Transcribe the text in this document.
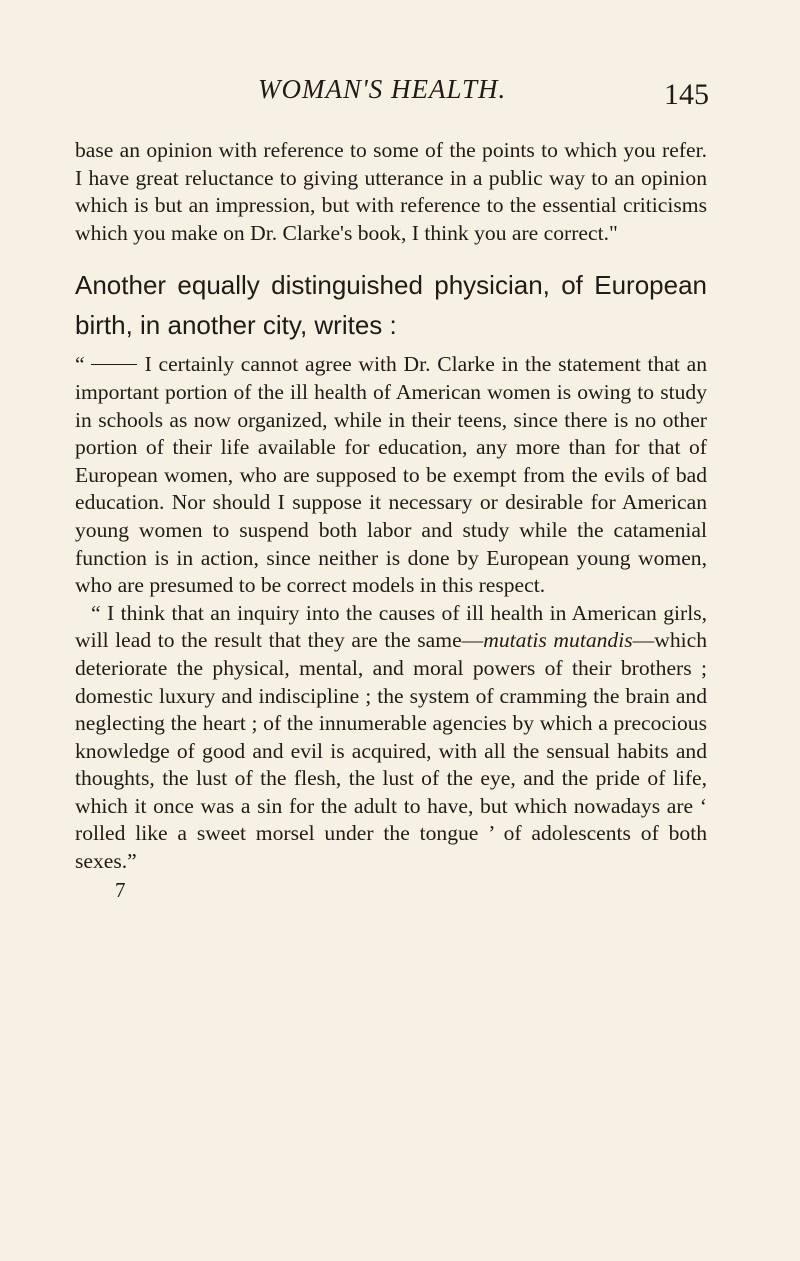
WOMAN'S HEALTH.	145

base an opinion with reference to some of the points to which you refer. I have great reluctance to giving utterance in a public way to an opinion which is but an impression, but with reference to the essential criticisms which you make on Dr. Clarke's book, I think you are correct."

Another equally distinguished physician, of European birth, in another city, writes :

“	I certainly cannot agree with Dr. Clarke in the statement that an important portion of the ill health of American women is owing to study in schools as now organized, while in their teens, since there is no other portion of their life available for education, any more than for that of European women, who are supposed to be exempt from the evils of bad education. Nor should I suppose it necessary or desirable for American young women to suspend both labor and study while the catamenial function is in action, since neither is done by European young women, who are presumed to be correct models in this respect.

“ I think that an inquiry into the causes of ill health in American girls, will lead to the result that they are the same—mutatis mutandis—which deteriorate the physical, mental, and moral powers of their brothers ; domestic luxury and indiscipline ; the system of cramming the brain and neglecting the heart ; of the innumerable agencies by which a precocious knowledge of good and evil is acquired, with all the sensual habits and thoughts, the lust of the flesh, the lust of the eye, and the pride of life, which it once was a sin for the adult to have, but which nowadays are ‘ rolled like a sweet morsel under the tongue ’ of adolescents of both sexes.”

7
